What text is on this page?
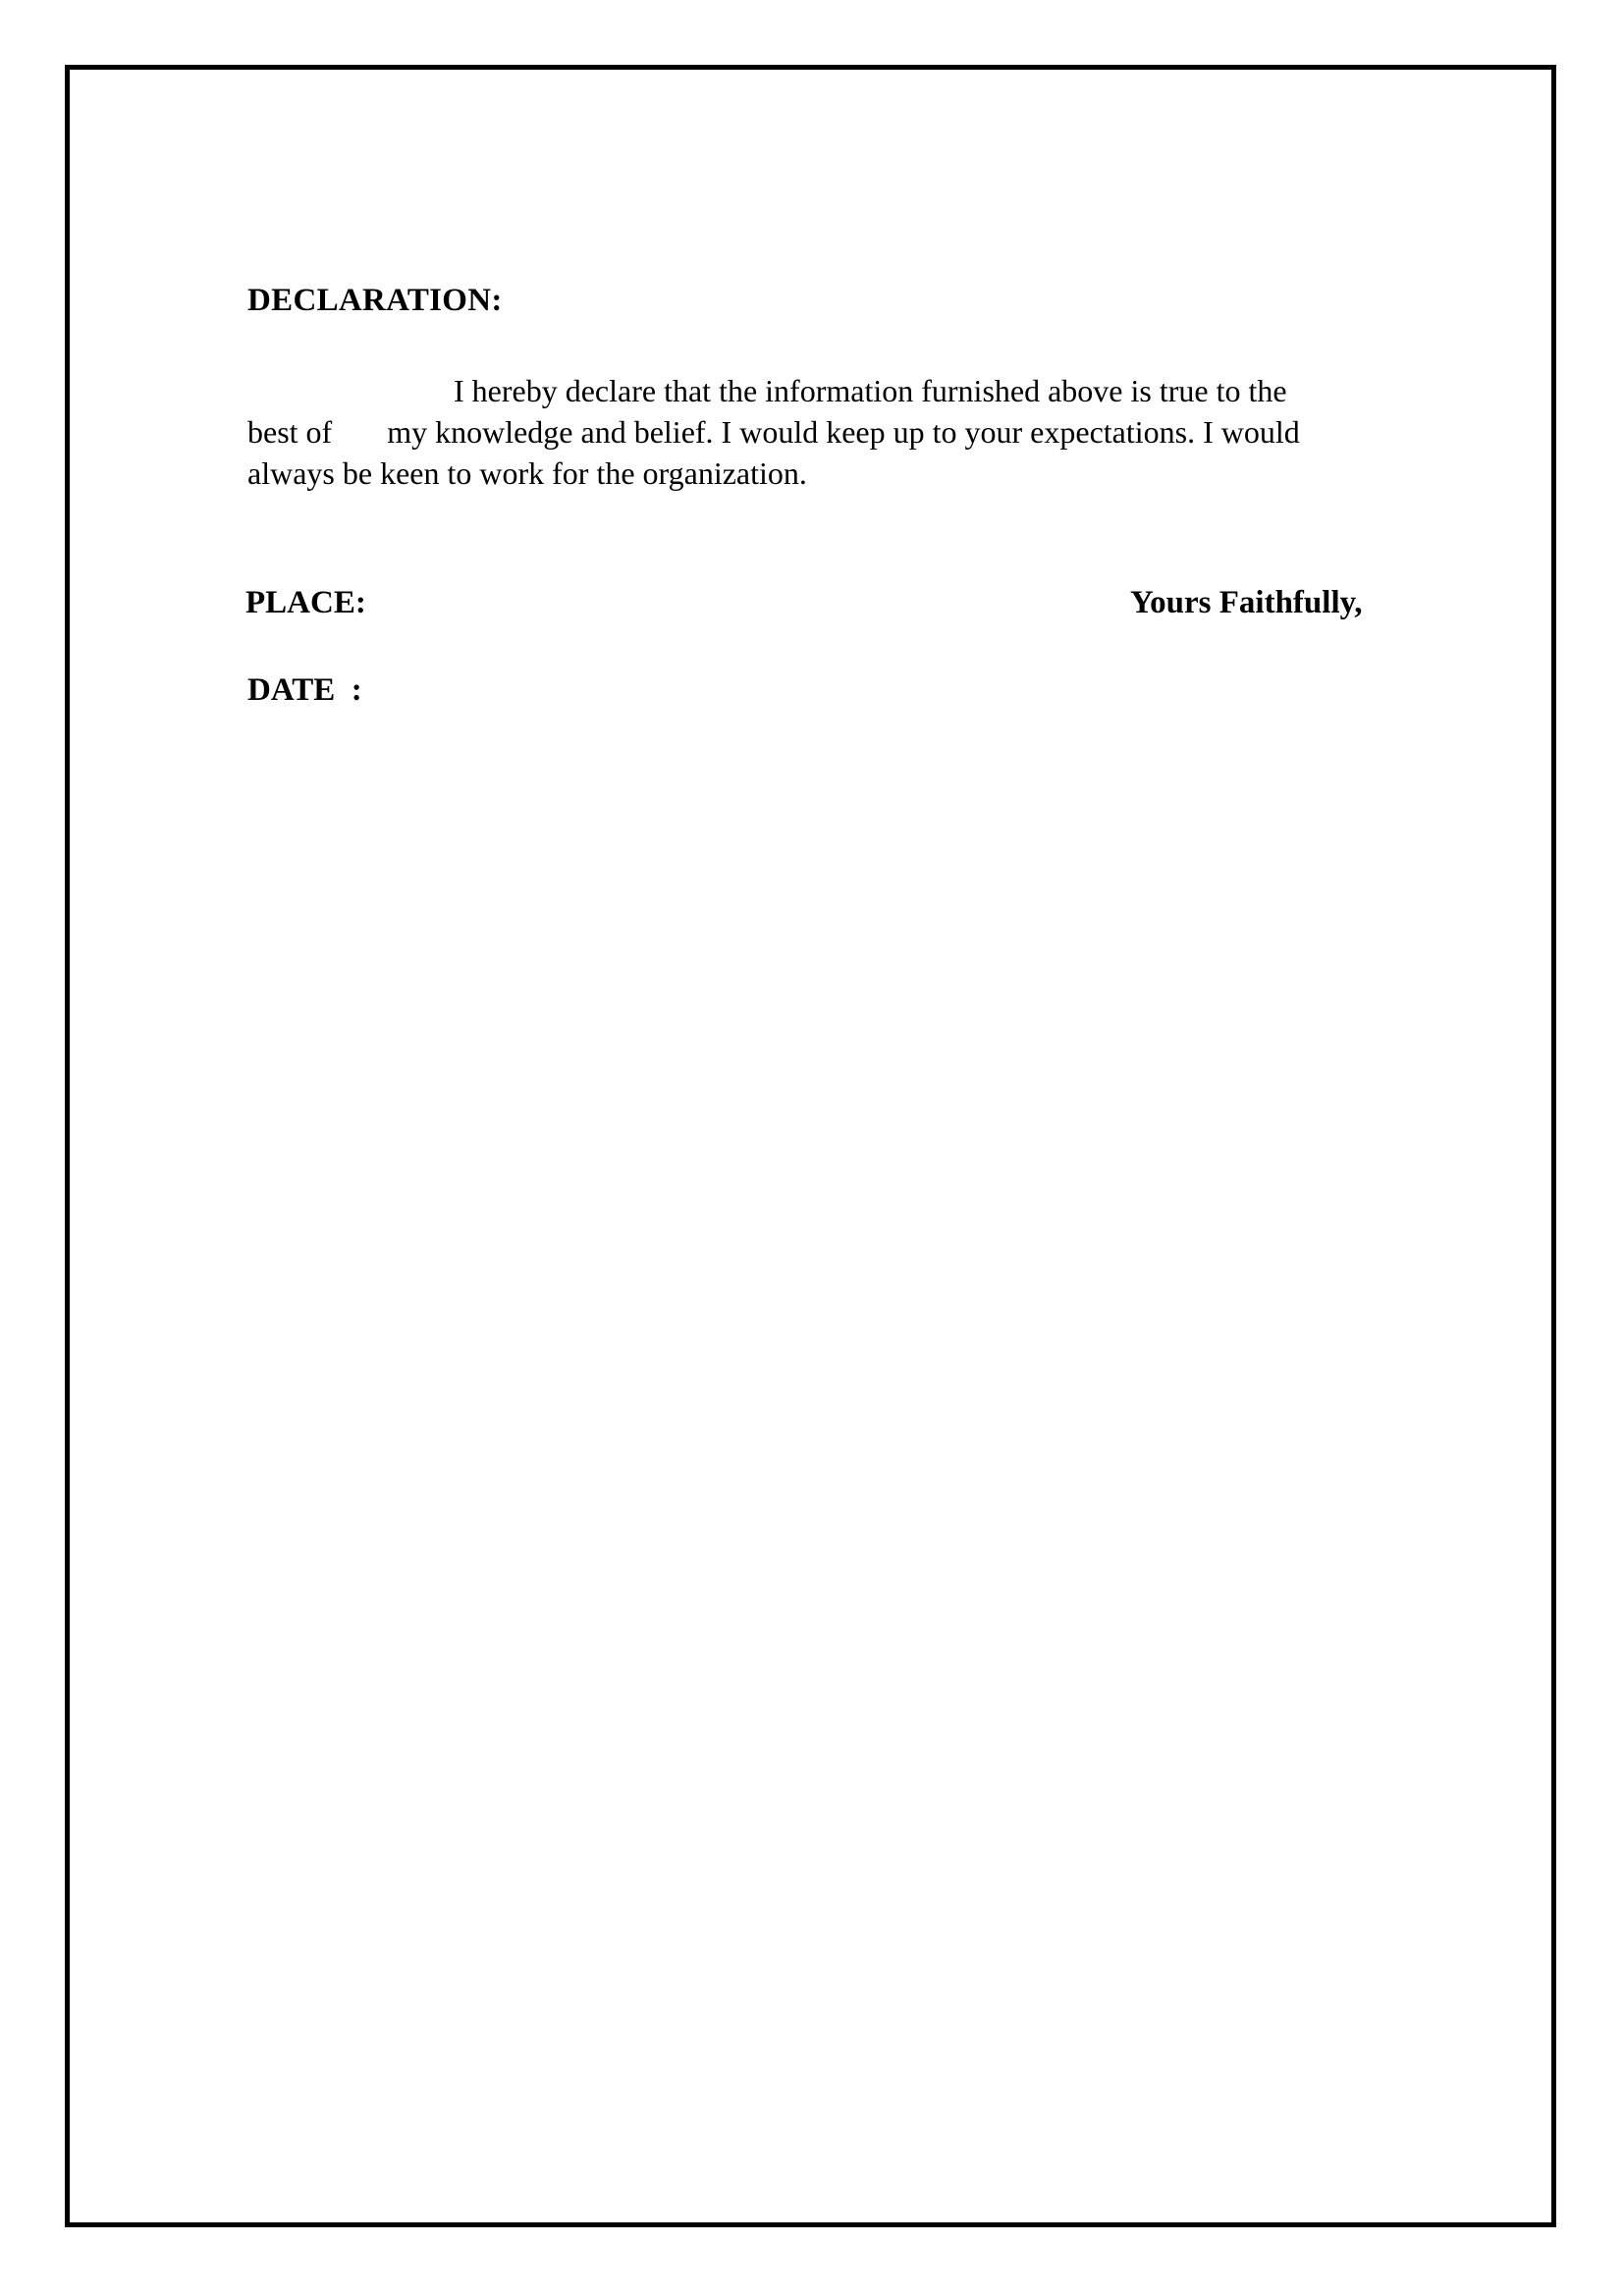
DECLARATION:
I hereby declare that the information furnished above is true to the
best of       my knowledge and belief. I would keep up to your expectations. I would
always be keen to work for the organization.
PLACE:	Yours Faithfully,
DATE  :
